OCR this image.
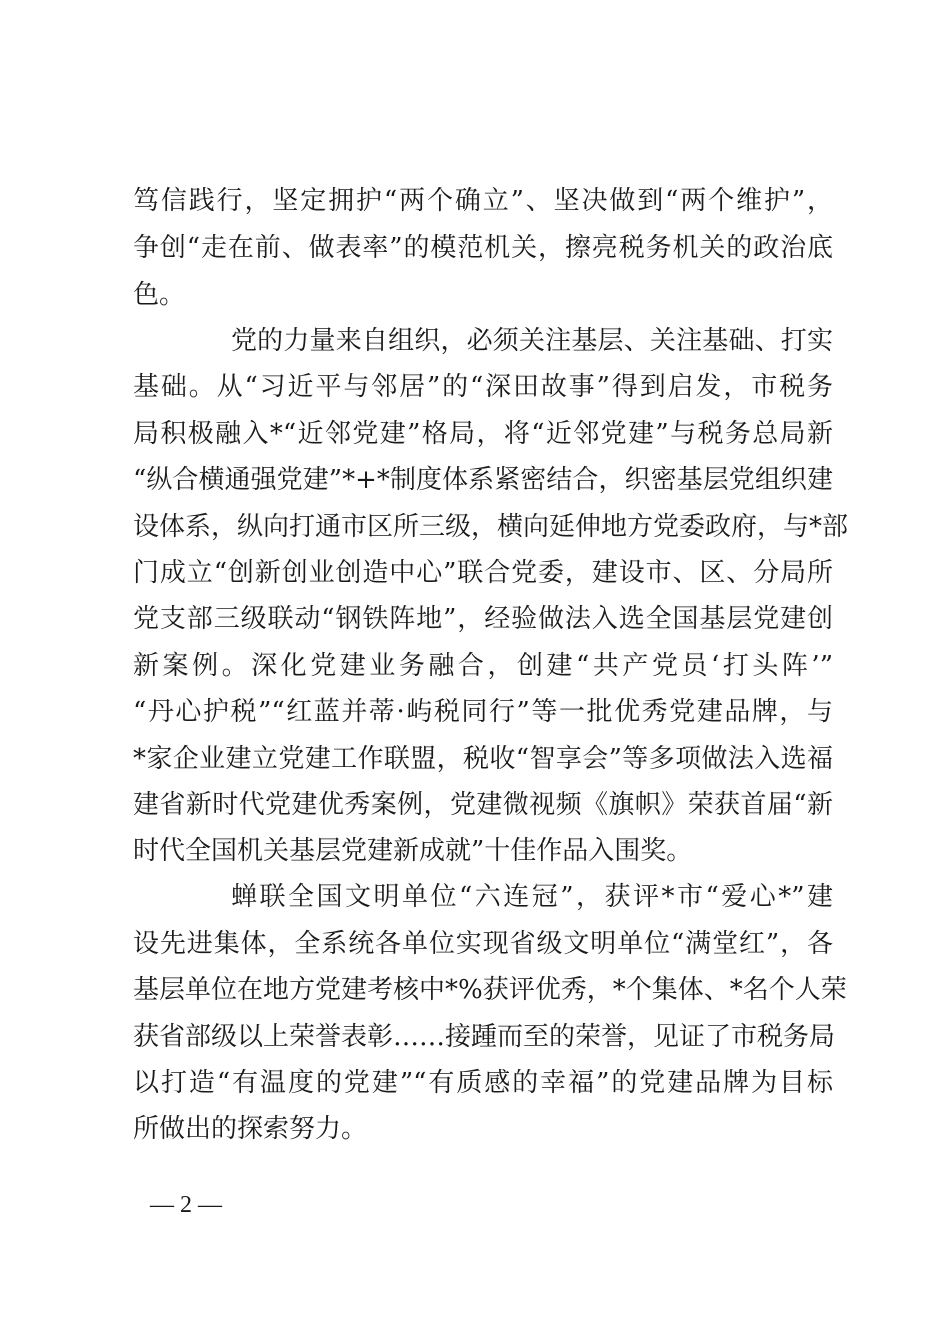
笃信践行，坚定拥护“两个确立”、坚决做到“两个维护”，
争创“走在前、做表率”的模范机关，擦亮税务机关的政治底
色。
党的力量来自组织，必须关注基层、关注基础、打实
基础。从“习近平与邻居”的“深田故事”得到启发，市税务
局积极融入*“近邻党建”格局，将“近邻党建”与税务总局新
“纵合横通强党建”*+*制度体系紧密结合，织密基层党组织建
设体系，纵向打通市区所三级，横向延伸地方党委政府，与*部
门成立“创新创业创造中心”联合党委，建设市、区、分局所
党支部三级联动“钢铁阵地”，经验做法入选全国基层党建创
新案例。深化党建业务融合，创建“共产党员‘打头阵’”
“丹心护税”“红蓝并蒂·屿税同行”等一批优秀党建品牌，与
*家企业建立党建工作联盟，税收“智享会”等多项做法入选福
建省新时代党建优秀案例，党建微视频《旗帜》荣获首届“新
时代全国机关基层党建新成就”十佳作品入围奖。
蝉联全国文明单位“六连冠”，获评*市“爱心*”建
设先进集体，全系统各单位实现省级文明单位“满堂红”，各
基层单位在地方党建考核中*%获评优秀，*个集体、*名个人荣
获省部级以上荣誉表彰……接踵而至的荣誉，见证了市税务局
以打造“有温度的党建”“有质感的幸福”的党建品牌为目标
所做出的探索努力。
— 2 —
